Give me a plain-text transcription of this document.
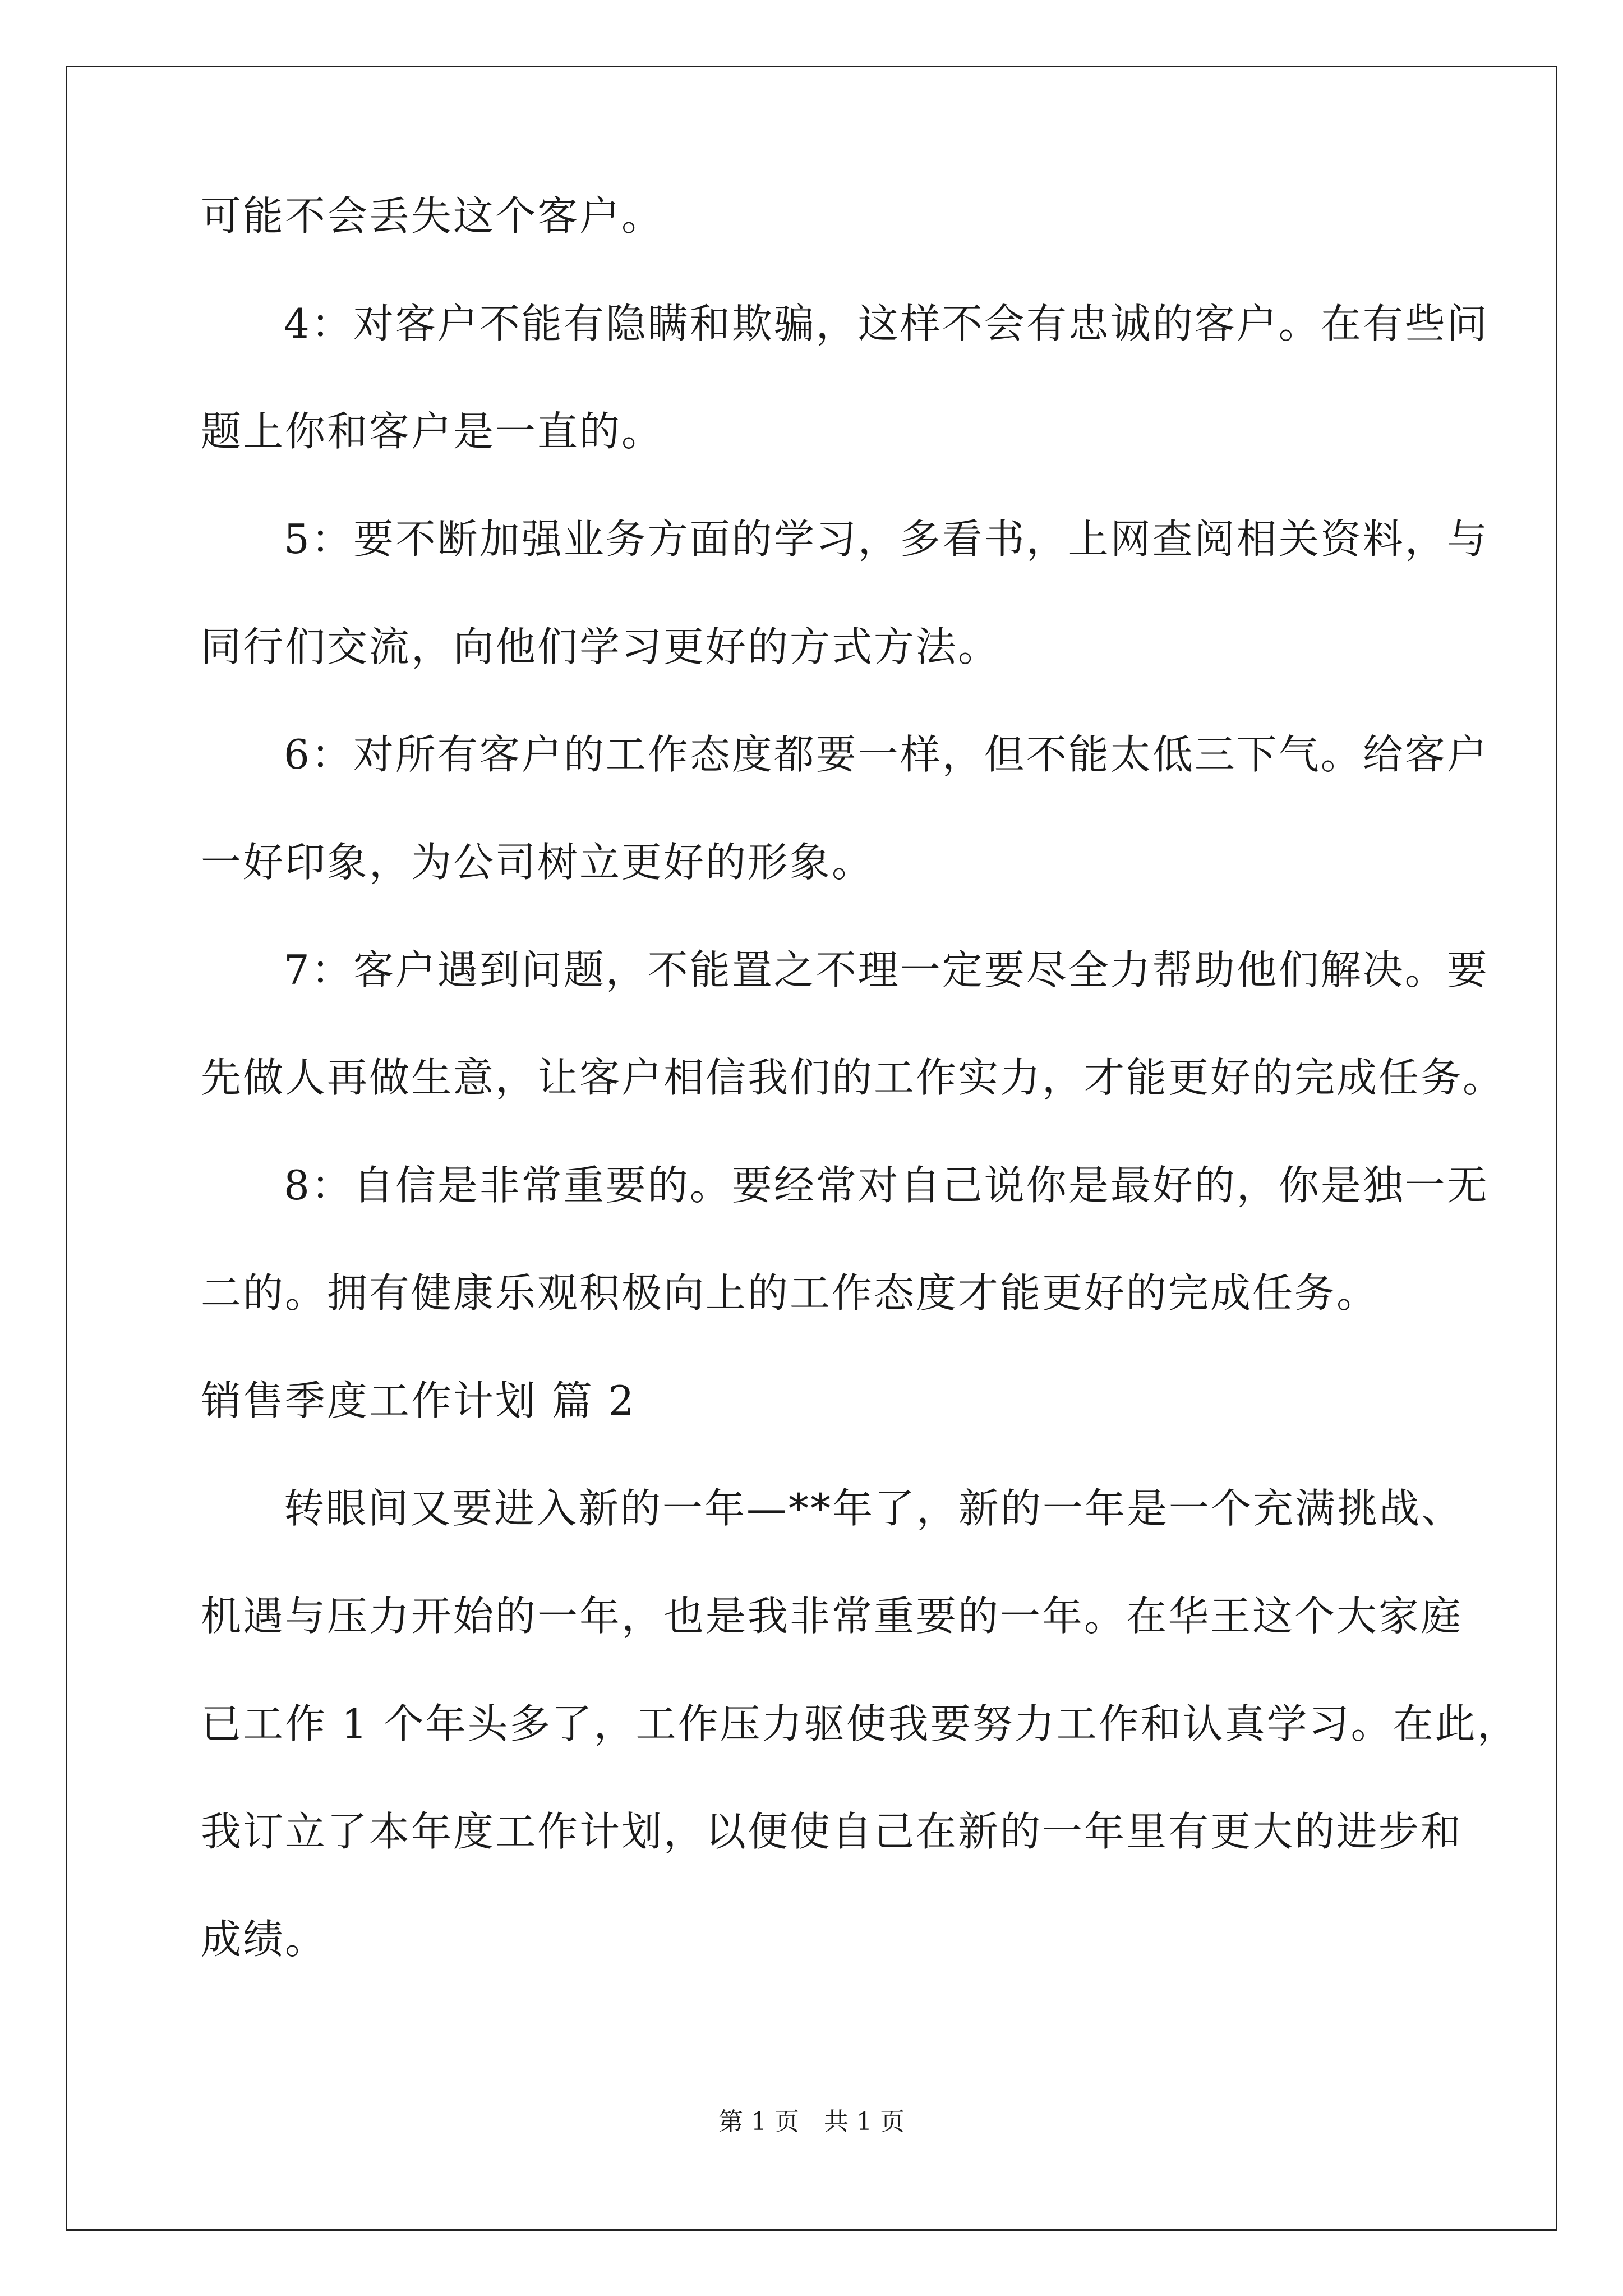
可能不会丢失这个客户。
4：对客户不能有隐瞒和欺骗，这样不会有忠诚的客户。在有些问
题上你和客户是一直的。
5：要不断加强业务方面的学习，多看书，上网查阅相关资料，与
同行们交流，向他们学习更好的方式方法。
6：对所有客户的工作态度都要一样，但不能太低三下气。给客户
一好印象，为公司树立更好的形象。
7：客户遇到问题，不能置之不理一定要尽全力帮助他们解决。要
先做人再做生意，让客户相信我们的工作实力，才能更好的完成任务。
8：自信是非常重要的。要经常对自己说你是最好的，你是独一无
二的。拥有健康乐观积极向上的工作态度才能更好的完成任务。
销售季度工作计划 篇 2
转眼间又要进入新的一年—**年了，新的一年是一个充满挑战、
机遇与压力开始的一年，也是我非常重要的一年。在华王这个大家庭
已工作 1 个年头多了，工作压力驱使我要努力工作和认真学习。在此，
我订立了本年度工作计划，以便使自己在新的一年里有更大的进步和
成绩。
第 1 页　共 1 页
